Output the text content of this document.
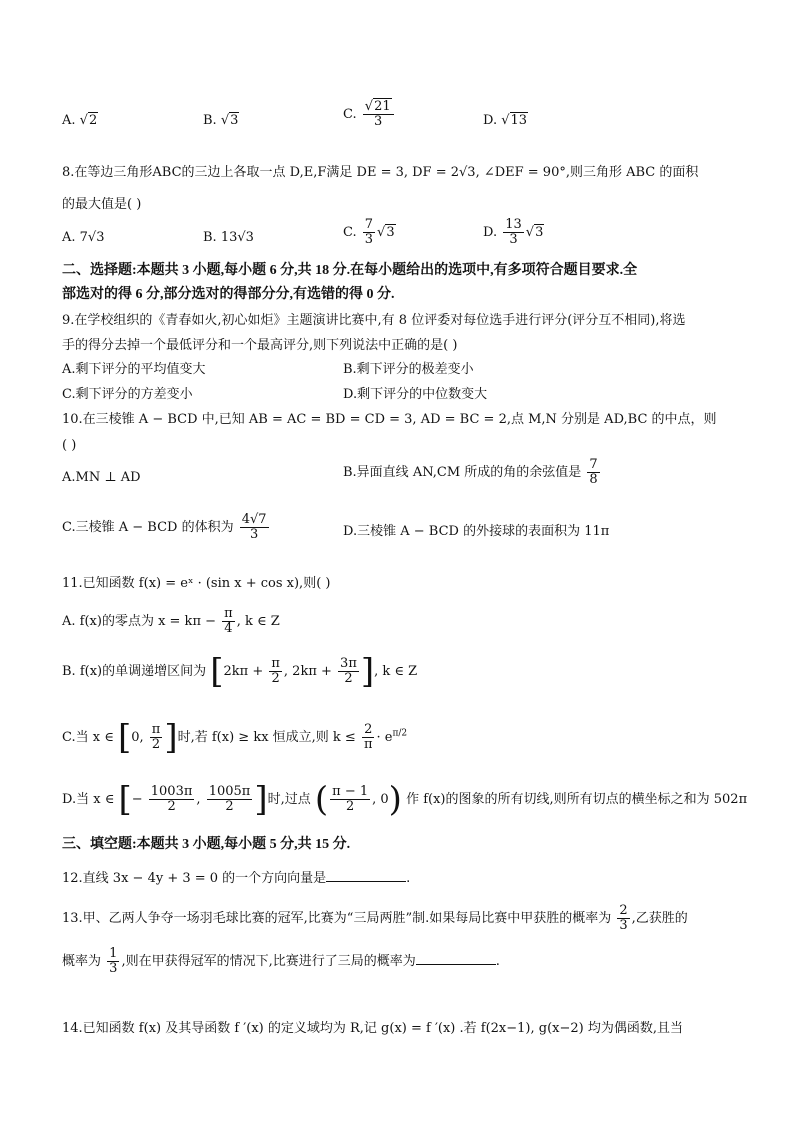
A. √2	B. √3	C. $\frac{√21}{3}$	D. √13
8.在等边三角形ABC的三边上各取一点 D,E,F满足 DE = 3, DF = 2√3, ∠DEF = 90°,则三角形 ABC 的面积
的最大值是( )
A. 7√3	B. 13√3	C. $\frac{7}{3} √3$	D. $\frac{13}{3} √3$
二、选择题:本题共 3 小题,每小题 6 分,共 18 分.在每小题给出的选项中,有多项符合题目要求.全
部选对的得 6 分,部分选对的得部分分,有选错的得 0 分.
9.在学校组织的《青春如火,初心如炬》主题演讲比赛中,有 8 位评委对每位选手进行评分(评分互不相同),将选
手的得分去掉一个最低评分和一个最高评分,则下列说法中正确的是( )
A.剩下评分的平均值变大	B.剩下评分的极差变小
C.剩下评分的方差变小	D.剩下评分的中位数变大
10.在三棱锥 A − BCD 中,已知 AB = AC = BD = CD = 3, AD = BC = 2,点 M,N 分别是 AD,BC 的中点，则
( )
A.MN ⊥ AD	B.异面直线 AN,CM 所成的角的余弦值是 $\frac{7}{8}$
C.三棱锥 A − BCD 的体积为 $\frac{4√7}{3}$	D.三棱锥 A − BCD 的外接球的表面积为 11π
11.已知函数 f(x) = eˣ · (sin x + cos x),则( )
A. f(x)的零点为 $x = k\pi - \frac{\pi}{4}$ , k ∈ Z
B. f(x)的单调递增区间为 [$2k\pi + \frac{\pi}{2}$ , $2k\pi + \frac{3\pi}{2}$ ], k ∈ Z
C.当 x ∈ [0, $\frac{\pi}{2}$ ]时,若 f(x) ≥ kx 恒成立,则 $k \le \frac{2}{\pi} \cdot e^{\pi/2}$
D.当 x ∈ [− $\frac{1003\pi}{2}$ , $\frac{1005\pi}{2}$ ]时,过点 ( $\frac{\pi - 1}{2}$ , 0) 作 f(x)的图象的所有切线,则所有切点的横坐标之和为 502π
三、填空题:本题共 3 小题,每小题 5 分,共 15 分.
12.直线 3x − 4y + 3 = 0 的一个方向向量是	.
13.甲、乙两人争夺一场羽毛球比赛的冠军,比赛为“三局两胜”制.如果每局比赛中甲获胜的概率为 $\frac{2}{3}$ ,乙获胜的
概率为 $\frac{1}{3}$ ,则在甲获得冠军的情况下,比赛进行了三局的概率为	.
14.已知函数 f(x) 及其导函数 f ′(x) 的定义域均为 R,记 g(x) = f ′(x) .若 f(2x−1), g(x−2) 均为偶函数,且当
